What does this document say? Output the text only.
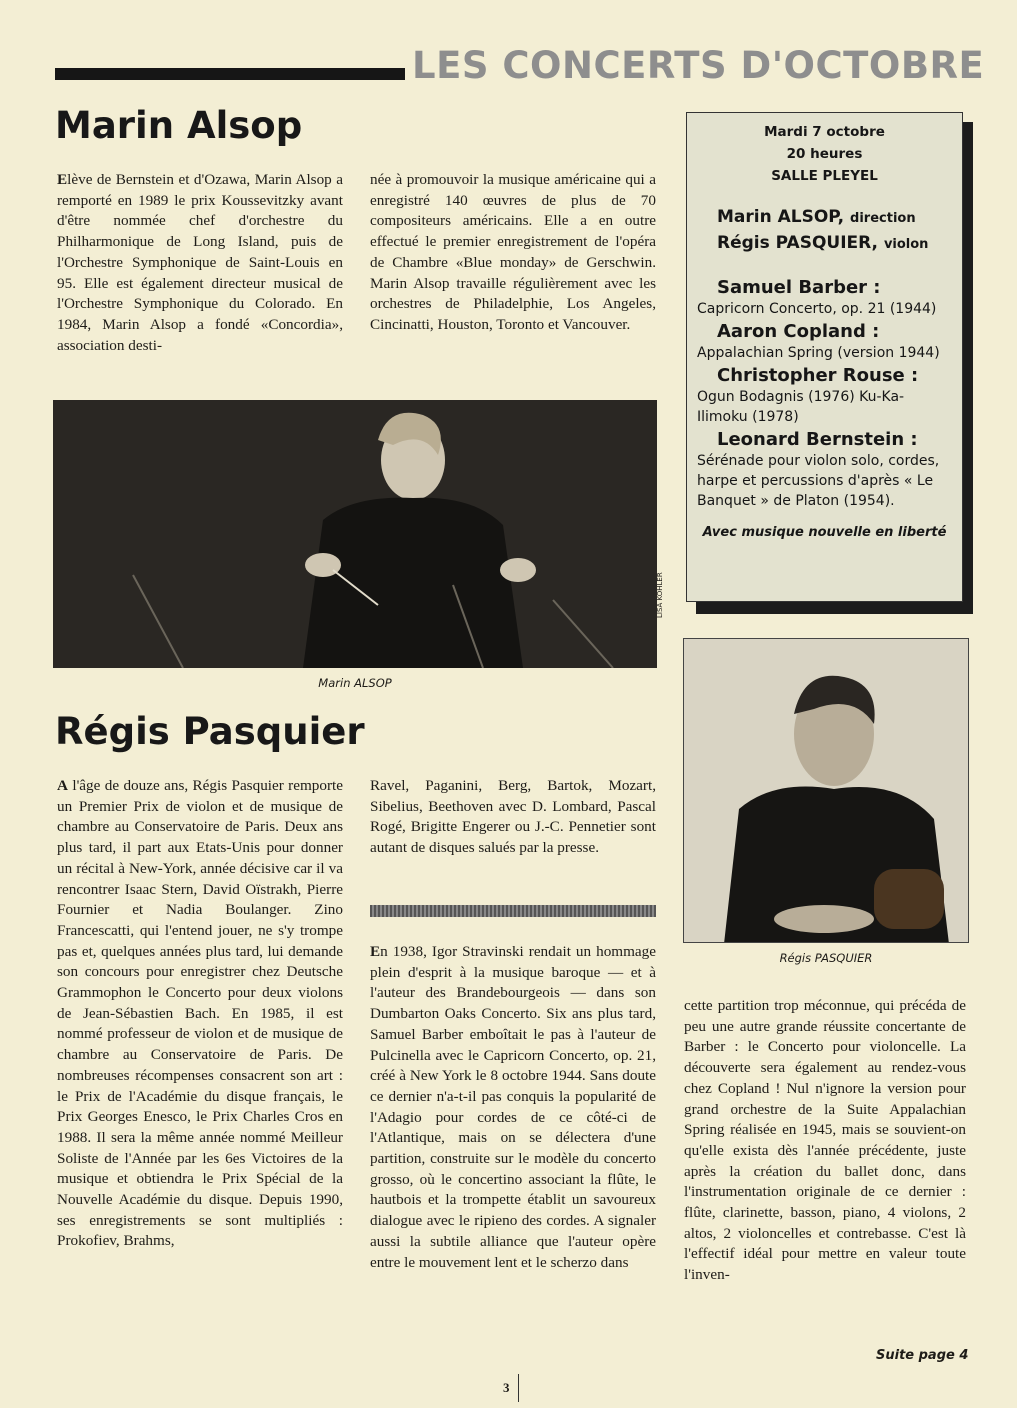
LES CONCERTS D'OCTOBRE
Marin Alsop

Elève de Bernstein et d'Ozawa, Marin Alsop a remporté en 1989 le prix Koussevitzky avant d'être nommée chef d'orchestre du Philharmonique de Long Island, puis de l'Orchestre Symphonique de Saint-Louis en 95. Elle est également directeur musical de l'Orchestre Symphonique du Colorado. En 1984, Marin Alsop a fondé «Concordia», association desti-

née à promouvoir la musique américaine qui a enregistré 140 œuvres de plus de 70 compositeurs américains. Elle a en outre effectué le premier enregistrement de l'opéra de Chambre «Blue monday» de Gerschwin. Marin Alsop travaille régulièrement avec les orchestres de Philadelphie, Los Angeles, Cincinatti, Houston, Toronto et Vancouver.

LISA KOHLER
Marin ALSOP
Mardi 7 octobre
20 heures
SALLE PLEYEL
Marin ALSOP, direction
Régis PASQUIER, violon
Samuel Barber :
Capricorn Concerto, op. 21 (1944)
Aaron Copland :
Appalachian Spring (version 1944)
Christopher Rouse :
Ogun Bodagnis (1976) Ku-Ka-Ilimoku (1978)
Leonard Bernstein :
Sérénade pour violon solo, cordes, harpe et percussions d'après « Le Banquet » de Platon (1954).
Avec musique nouvelle en liberté
Régis Pasquier

A l'âge de douze ans, Régis Pasquier remporte un Premier Prix de violon et de musique de chambre au Conservatoire de Paris. Deux ans plus tard, il part aux Etats-Unis pour donner un récital à New-York, année décisive car il va rencontrer Isaac Stern, David Oïstrakh, Pierre Fournier et Nadia Boulanger. Zino Francescatti, qui l'entend jouer, ne s'y trompe pas et, quelques années plus tard, lui demande son concours pour enregistrer chez Deutsche Grammophon le Concerto pour deux violons de Jean-Sébastien Bach. En 1985, il est nommé professeur de violon et de musique de chambre au Conservatoire de Paris. De nombreuses récompenses consacrent son art : le Prix de l'Académie du disque français, le Prix Georges Enesco, le Prix Charles Cros en 1988. Il sera la même année nommé Meilleur Soliste de l'Année par les 6es Victoires de la musique et obtiendra le Prix Spécial de la Nouvelle Académie du disque. Depuis 1990, ses enregistrements se sont multipliés : Prokofiev, Brahms,

Ravel, Paganini, Berg, Bartok, Mozart, Sibelius, Beethoven avec D. Lombard, Pascal Rogé, Brigitte Engerer ou J.-C. Pennetier sont autant de disques salués par la presse.

En 1938, Igor Stravinski rendait un hommage plein d'esprit à la musique baroque — et à l'auteur des Brandebourgeois — dans son Dumbarton Oaks Concerto. Six ans plus tard, Samuel Barber emboîtait le pas à l'auteur de Pulcinella avec le Capricorn Concerto, op. 21, créé à New York le 8 octobre 1944. Sans doute ce dernier n'a-t-il pas conquis la popularité de l'Adagio pour cordes de ce côté-ci de l'Atlantique, mais on se délectera d'une partition, construite sur le modèle du concerto grosso, où le concertino associant la flûte, le hautbois et la trompette établit un savoureux dialogue avec le ripieno des cordes. A signaler aussi la subtile alliance que l'auteur opère entre le mouvement lent et le scherzo dans

Régis PASQUIER

cette partition trop méconnue, qui précéda de peu une autre grande réussite concertante de Barber : le Concerto pour violoncelle. La découverte sera également au rendez-vous chez Copland ! Nul n'ignore la version pour grand orchestre de la Suite Appalachian Spring réalisée en 1945, mais se souvient-on qu'elle exista dès l'année précédente, juste après la création du ballet donc, dans l'instrumentation originale de ce dernier : flûte, clarinette, basson, piano, 4 violons, 2 altos, 2 violoncelles et contrebasse. C'est là l'effectif idéal pour mettre en valeur toute l'inven-

Suite page 4
3
